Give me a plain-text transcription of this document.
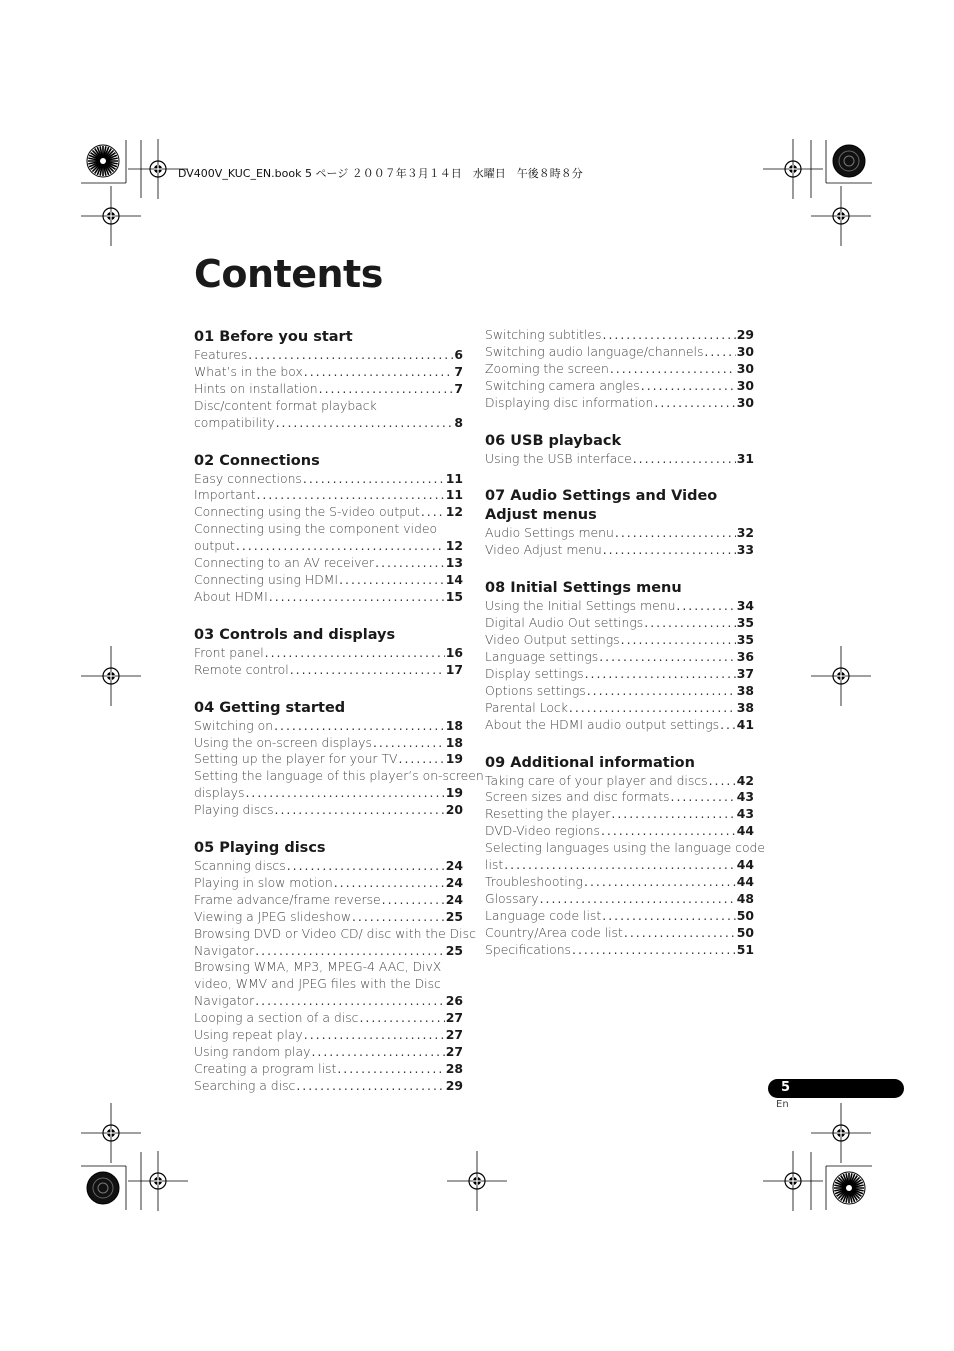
DV400V_KUC_EN.book 5 ページ ２００７年３月１４日　水曜日　午後８時８分
Contents
01 Before you start
Features .....	6
What’s in the box .....	7
Hints on installation .....	7
Disc/content format playback
compatibility .....	8
02 Connections
Easy connections .....	11
Important .....	11
Connecting using the S-video output ..... 12
Connecting using the component video
output .....	12
Connecting to an AV receiver .....	13
Connecting using HDMI .....	14
About HDMI .....	15
03 Controls and displays
Front panel .....	16
Remote control .....	17
04 Getting started
Switching on .....	18
Using the on-screen displays .....	18
Setting up the player for your TV .....	19
Setting the language of this player’s on-screen
displays .....	19
Playing discs .....	20
05 Playing discs
Scanning discs .....	24
Playing in slow motion .....	24
Frame advance/frame reverse .....	24
Viewing a JPEG slideshow .....	25
Browsing DVD or Video CD/ disc with the Disc
Navigator .....	25
Browsing WMA, MP3, MPEG-4 AAC, DivX
video, WMV and JPEG files with the Disc
Navigator .....	26
Looping a section of a disc .....	27
Using repeat play .....	27
Using random play .....	27
Creating a program list .....	28
Searching a disc .....	29
Switching subtitles .....	29
Switching audio language/channels .....	30
Zooming the screen .....	30
Switching camera angles .....	30
Displaying disc information .....	30
06 USB playback
Using the USB interface .....	31
07 Audio Settings and Video Adjust menus
Audio Settings menu .....	32
Video Adjust menu .....	33
08 Initial Settings menu
Using the Initial Settings menu .....	34
Digital Audio Out settings .....	35
Video Output settings .....	35
Language settings .....	36
Display settings .....	37
Options settings .....	38
Parental Lock .....	38
About the HDMI audio output settings ..... 41
09 Additional information
Taking care of your player and discs ..... 42
Screen sizes and disc formats .....	43
Resetting the player .....	43
DVD-Video regions .....	44
Selecting languages using the language code
list .....	44
Troubleshooting .....	44
Glossary .....	48
Language code list .....	50
Country/Area code list .....	50
Specifications .....	51
5
En
